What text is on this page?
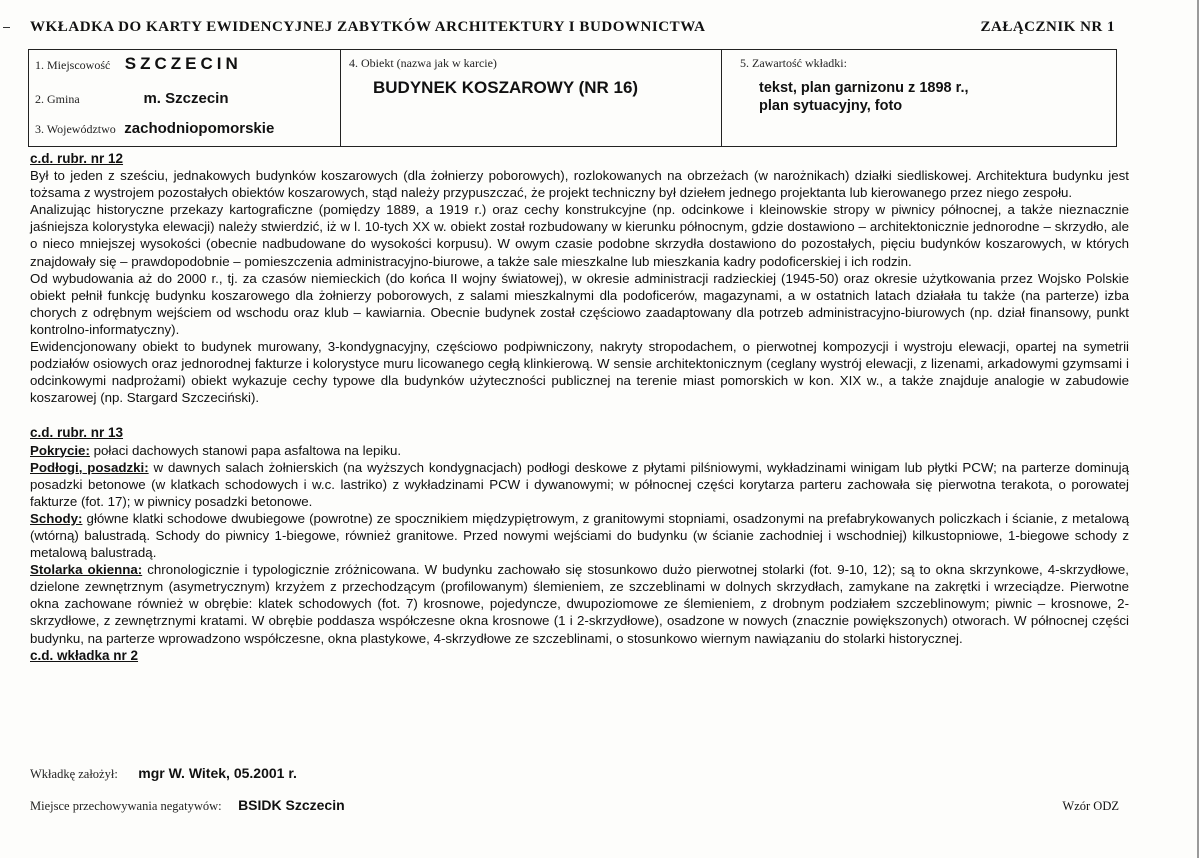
WKŁADKA DO KARTY EWIDENCYJNEJ ZABYTKÓW ARCHITEKTURY I BUDOWNICTWA	ZAŁĄCZNIK NR 1
1. Miejscowość SZCZECIN
2. Gmina	m. Szczecin
3. Województwo zachodniopomorskie
4. Obiekt (nazwa jak w karcie)
BUDYNEK KOSZAROWY (NR 16)
5. Zawartość wkładki:
tekst, plan garnizonu z 1898 r.,
plan sytuacyjny, foto
c.d. rubr. nr 12

Był to jeden z sześciu, jednakowych budynków koszarowych (dla żołnierzy poborowych), rozlokowanych na obrzeżach (w narożnikach) działki siedliskowej. Architektura budynku jest tożsama z wystrojem pozostałych obiektów koszarowych, stąd należy przypuszczać, że projekt techniczny był dziełem jednego projektanta lub kierowanego przez niego zespołu.

Analizując historyczne przekazy kartograficzne (pomiędzy 1889, a 1919 r.) oraz cechy konstrukcyjne (np. odcinkowe i kleinowskie stropy w piwnicy północnej, a także nieznacznie jaśniejsza kolorystyka elewacji) należy stwierdzić, iż w l. 10-tych XX w. obiekt został rozbudowany w kierunku północnym, gdzie dostawiono – architektonicznie jednorodne – skrzydło, ale o nieco mniejszej wysokości (obecnie nadbudowane do wysokości korpusu). W owym czasie podobne skrzydła dostawiono do pozostałych, pięciu budynków koszarowych, w których znajdowały się – prawdopodobnie – pomieszczenia administracyjno-biurowe, a także sale mieszkalne lub mieszkania kadry podoficerskiej i ich rodzin.

Od wybudowania aż do 2000 r., tj. za czasów niemieckich (do końca II wojny światowej), w okresie administracji radzieckiej (1945-50) oraz okresie użytkowania przez Wojsko Polskie obiekt pełnił funkcję budynku koszarowego dla żołnierzy poborowych, z salami mieszkalnymi dla podoficerów, magazynami, a w ostatnich latach działała tu także (na parterze) izba chorych z odrębnym wejściem od wschodu oraz klub – kawiarnia. Obecnie budynek został częściowo zaadaptowany dla potrzeb administracyjno-biurowych (np. dział finansowy, punkt kontrolno-informatyczny).

Ewidencjonowany obiekt to budynek murowany, 3-kondygnacyjny, częściowo podpiwniczony, nakryty stropodachem, o pierwotnej kompozycji i wystroju elewacji, opartej na symetrii podziałów osiowych oraz jednorodnej fakturze i kolorystyce muru licowanego cegłą klinkierową. W sensie architektonicznym (ceglany wystrój elewacji, z lizenami, arkadowymi gzymsami i odcinkowymi nadprożami) obiekt wykazuje cechy typowe dla budynków użyteczności publicznej na terenie miast pomorskich w kon. XIX w., a także znajduje analogie w zabudowie koszarowej (np. Stargard Szczeciński).

c.d. rubr. nr 13

Pokrycie: połaci dachowych stanowi papa asfaltowa na lepiku.

Podłogi, posadzki: w dawnych salach żołnierskich (na wyższych kondygnacjach) podłogi deskowe z płytami pilśniowymi, wykładzinami winigam lub płytki PCW; na parterze dominują posadzki betonowe (w klatkach schodowych i w.c. lastriko) z wykładzinami PCW i dywanowymi; w północnej części korytarza parteru zachowała się pierwotna terakota, o porowatej fakturze (fot. 17); w piwnicy posadzki betonowe.

Schody: główne klatki schodowe dwubiegowe (powrotne) ze spocznikiem międzypiętrowym, z granitowymi stopniami, osadzonymi na prefabrykowanych policzkach i ścianie, z metalową (wtórną) balustradą. Schody do piwnicy 1-biegowe, również granitowe. Przed nowymi wejściami do budynku (w ścianie zachodniej i wschodniej) kilkustopniowe, 1-biegowe schody z metalową balustradą.

Stolarka okienna: chronologicznie i typologicznie zróżnicowana. W budynku zachowało się stosunkowo dużo pierwotnej stolarki (fot. 9-10, 12); są to okna skrzynkowe, 4-skrzydłowe, dzielone zewnętrznym (asymetrycznym) krzyżem z przechodzącym (profilowanym) ślemieniem, ze szczeblinami w dolnych skrzydłach, zamykane na zakrętki i wrzeciądze. Pierwotne okna zachowane również w obrębie: klatek schodowych (fot. 7) krosnowe, pojedyncze, dwupoziomowe ze ślemieniem, z drobnym podziałem szczeblinowym; piwnic – krosnowe, 2-skrzydłowe, z zewnętrznymi kratami. W obrębie poddasza współczesne okna krosnowe (1 i 2-skrzydłowe), osadzone w nowych (znacznie powiększonych) otworach. W północnej części budynku, na parterze wprowadzono współczesne, okna plastykowe, 4-skrzydłowe ze szczeblinami, o stosunkowo wiernym nawiązaniu do stolarki historycznej.

c.d. wkładka nr 2
Wkładkę założył: mgr W. Witek, 05.2001 r.
Miejsce przechowywania negatywów: BSIDK Szczecin	Wzór ODZ
